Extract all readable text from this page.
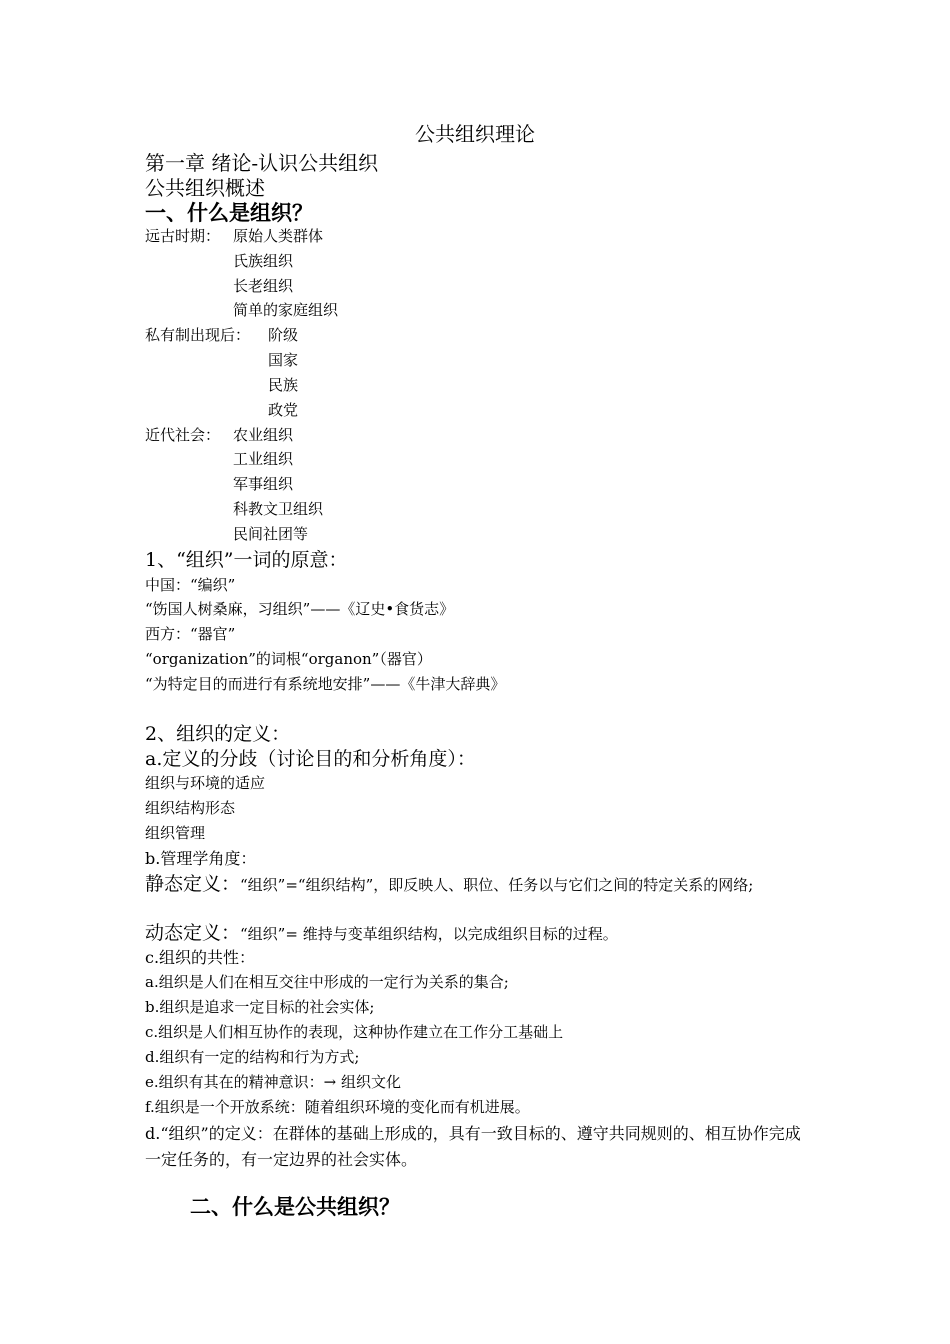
公共组织理论
第一章 绪论-认识公共组织
公共组织概述
一、什么是组织？
远古时期： 原始人类群体
氏族组织
长老组织
简单的家庭组织
私有制出现后： 阶级
国家
民族
政党
近代社会： 农业组织
工业组织
军事组织
科教文卫组织
民间社团等
1、“组织”一词的原意：
中国：“编织”
“饬国人树桑麻，习组织”——《辽史•食货志》
西方：“器官”
“organization”的词根“organon”（器官）
“为特定目的而进行有系统地安排”——《牛津大辞典》
2、组织的定义：
a.定义的分歧（讨论目的和分析角度）：
组织与环境的适应
组织结构形态
组织管理
b.管理学角度：
静态定义：“组织”=“组织结构”，即反映人、职位、任务以与它们之间的特定关系的网络;
动态定义：“组织”= 维持与变革组织结构，以完成组织目标的过程。
c.组织的共性：
a.组织是人们在相互交往中形成的一定行为关系的集合;
b.组织是追求一定目标的社会实体;
c.组织是人们相互协作的表现，这种协作建立在工作分工基础上
d.组织有一定的结构和行为方式;
e.组织有其在的精神意识：→ 组织文化
f.组织是一个开放系统：随着组织环境的变化而有机进展。
d.“组织”的定义：在群体的基础上形成的，具有一致目标的、遵守共同规则的、相互协作完成一定任务的，有一定边界的社会实体。
二、什么是公共组织？
